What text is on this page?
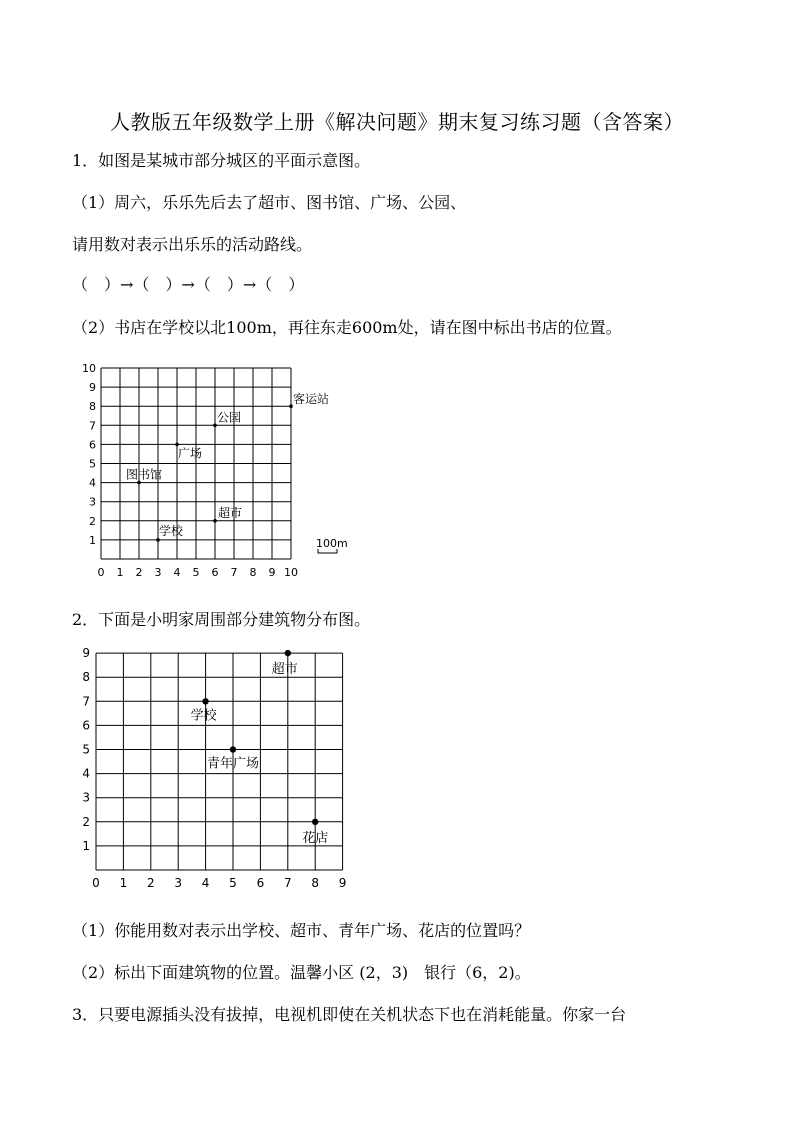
人教版五年级数学上册《解决问题》期末复习练习题（含答案）
1．如图是某城市部分城区的平面示意图。
（1）周六，乐乐先后去了超市、图书馆、广场、公园、
请用数对表示出乐乐的活动路线。
（　）→（　）→（　）→（　）
（2）书店在学校以北100m，再往东走600m处，请在图中标出书店的位置。
0 1 2 3 4 5 6 7 8 9 10
1
2
3
4
5
6
7
8
9
10
学校
超市
图书馆
广场
公园
客运站
100m
2．下面是小明家周围部分建筑物分布图。
0 1 2 3 4 5 6 7 8 9
1
2
3
4
5
6
7
8
9
超市
学校
青年广场
花店
（1）你能用数对表示出学校、超市、青年广场、花店的位置吗？
（2）标出下面建筑物的位置。温馨小区 (2，3)　银行（6，2)。
3．只要电源插头没有拔掉，电视机即使在关机状态下也在消耗能量。你家一台
